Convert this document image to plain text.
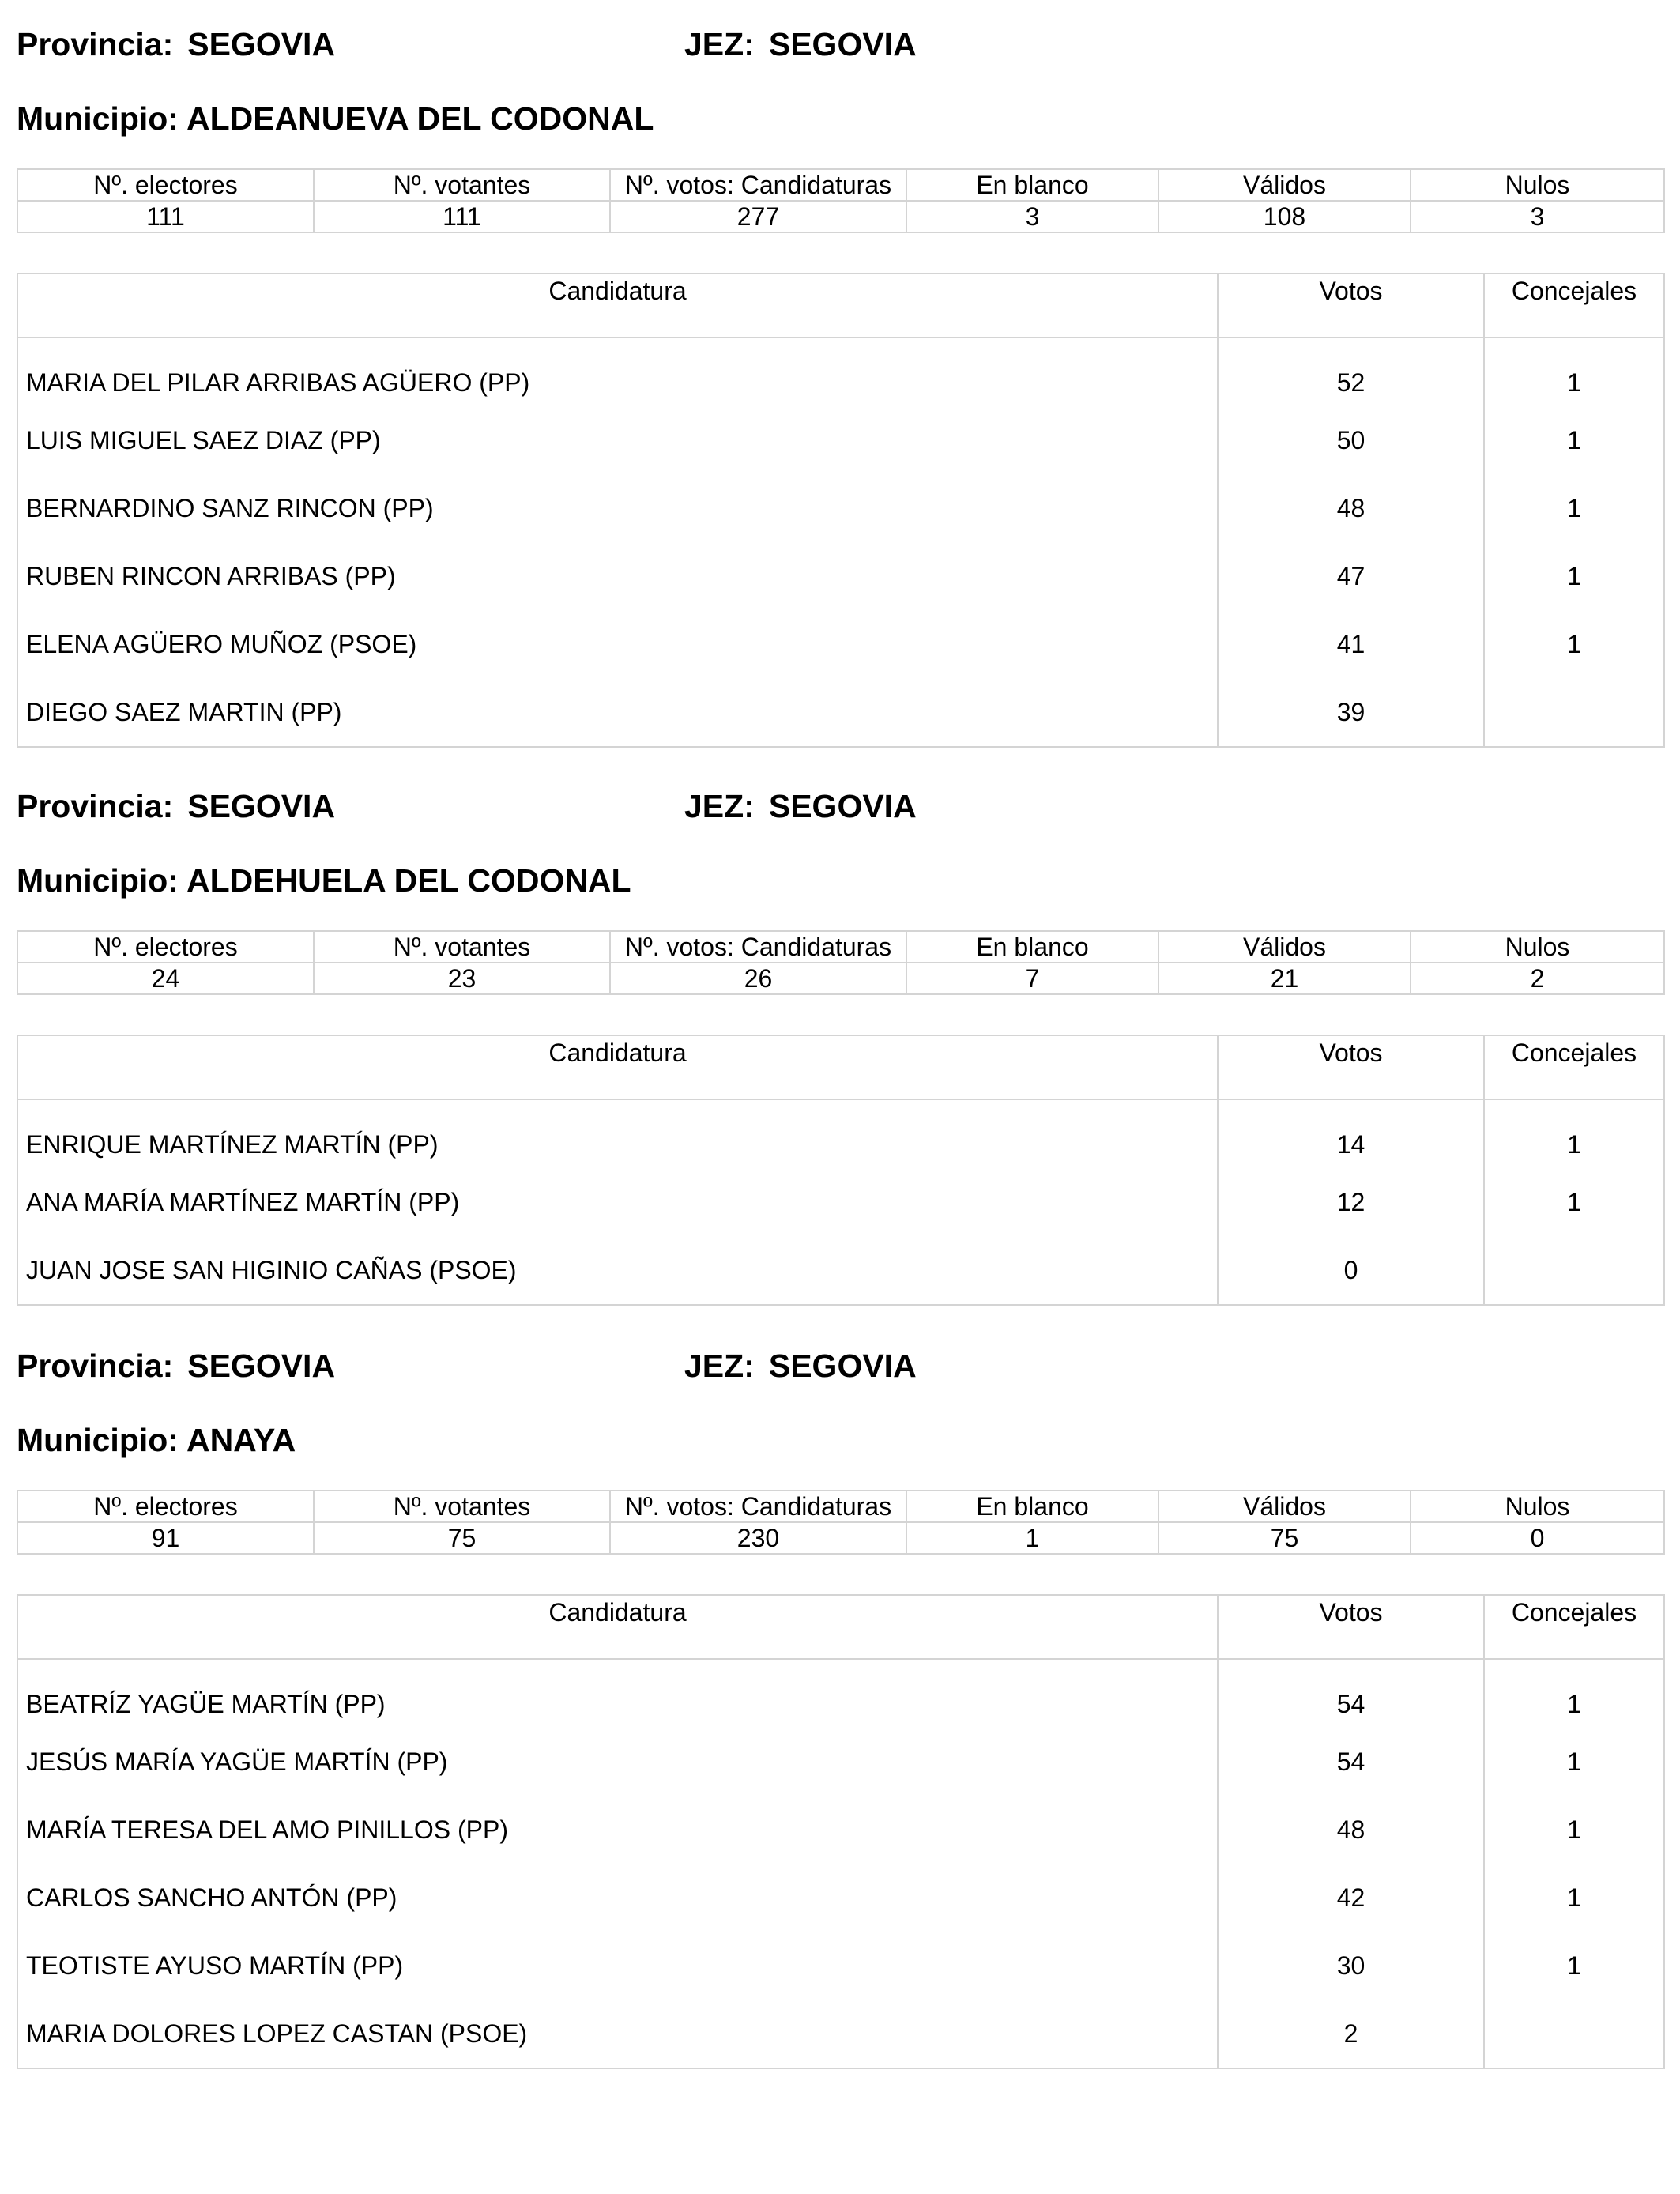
Provincia: SEGOVIA	JEZ: SEGOVIA
Municipio: ALDEANUEVA DEL CODONAL
Nº. electores	Nº. votantes	Nº. votos: Candidaturas	En blanco	Válidos	Nulos
111	111	277	3	108	3
Candidatura	Votos	Concejales
MARIA DEL PILAR ARRIBAS AGÜERO (PP)	52	1
LUIS MIGUEL SAEZ DIAZ (PP)	50	1
BERNARDINO SANZ RINCON (PP)	48	1
RUBEN RINCON ARRIBAS (PP)	47	1
ELENA AGÜERO MUÑOZ (PSOE)	41	1
DIEGO SAEZ MARTIN (PP)	39	
Provincia: SEGOVIA	JEZ: SEGOVIA
Municipio: ALDEHUELA DEL CODONAL
Nº. electores	Nº. votantes	Nº. votos: Candidaturas	En blanco	Válidos	Nulos
24	23	26	7	21	2
Candidatura	Votos	Concejales
ENRIQUE MARTÍNEZ MARTÍN (PP)	14	1
ANA MARÍA MARTÍNEZ MARTÍN (PP)	12	1
JUAN JOSE SAN HIGINIO CAÑAS (PSOE)	0	
Provincia: SEGOVIA	JEZ: SEGOVIA
Municipio: ANAYA
Nº. electores	Nº. votantes	Nº. votos: Candidaturas	En blanco	Válidos	Nulos
91	75	230	1	75	0
Candidatura	Votos	Concejales
BEATRÍZ YAGÜE MARTÍN (PP)	54	1
JESÚS MARÍA YAGÜE MARTÍN (PP)	54	1
MARÍA TERESA DEL AMO PINILLOS (PP)	48	1
CARLOS SANCHO ANTÓN (PP)	42	1
TEOTISTE AYUSO MARTÍN (PP)	30	1
MARIA DOLORES LOPEZ CASTAN (PSOE)	2	
